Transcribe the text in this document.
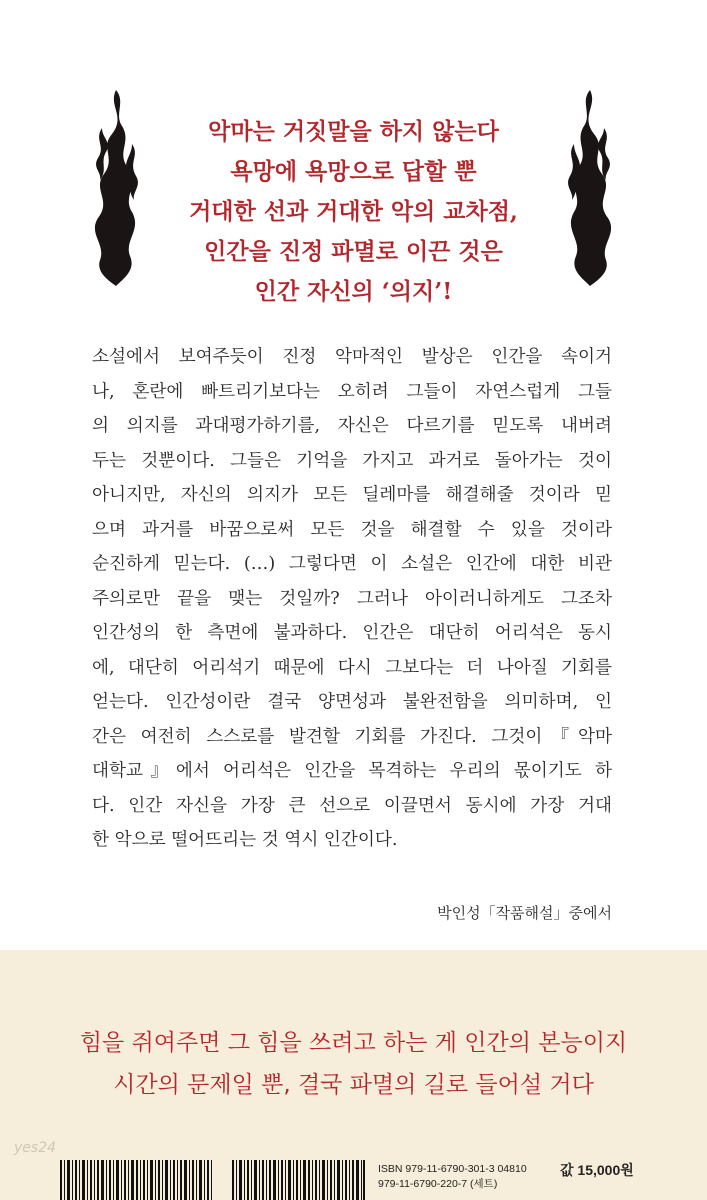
악마는 거짓말을 하지 않는다
욕망에 욕망으로 답할 뿐
거대한 선과 거대한 악의 교차점,
인간을 진정 파멸로 이끈 것은
인간 자신의 ‘의지’!
소설에서 보여주듯이 진정 악마적인 발상은 인간을 속이거
나, 혼란에 빠트리기보다는 오히려 그들이 자연스럽게 그들
의 의지를 과대평가하기를, 자신은 다르기를 믿도록 내버려
두는 것뿐이다. 그들은 기억을 가지고 과거로 돌아가는 것이
아니지만, 자신의 의지가 모든 딜레마를 해결해줄 것이라 믿
으며 과거를 바꿈으로써 모든 것을 해결할 수 있을 것이라
순진하게 믿는다. (…) 그렇다면 이 소설은 인간에 대한 비관
주의로만 끝을 맺는 것일까? 그러나 아이러니하게도 그조차
인간성의 한 측면에 불과하다. 인간은 대단히 어리석은 동시
에, 대단히 어리석기 때문에 다시 그보다는 더 나아질 기회를
얻는다. 인간성이란 결국 양면성과 불완전함을 의미하며, 인
간은 여전히 스스로를 발견할 기회를 가진다. 그것이『악마
대학교』에서 어리석은 인간을 목격하는 우리의 몫이기도 하
다. 인간 자신을 가장 큰 선으로 이끌면서 동시에 가장 거대
한 악으로 떨어뜨리는 것 역시 인간이다.
박인성「작품해설」중에서
힘을 쥐여주면 그 힘을 쓰려고 하는 게 인간의 본능이지
시간의 문제일 뿐, 결국 파멸의 길로 들어설 거다
yes24
ISBN 979-11-6790-301-3 04810
979-11-6790-220-7 (세트)
값 15,000원
